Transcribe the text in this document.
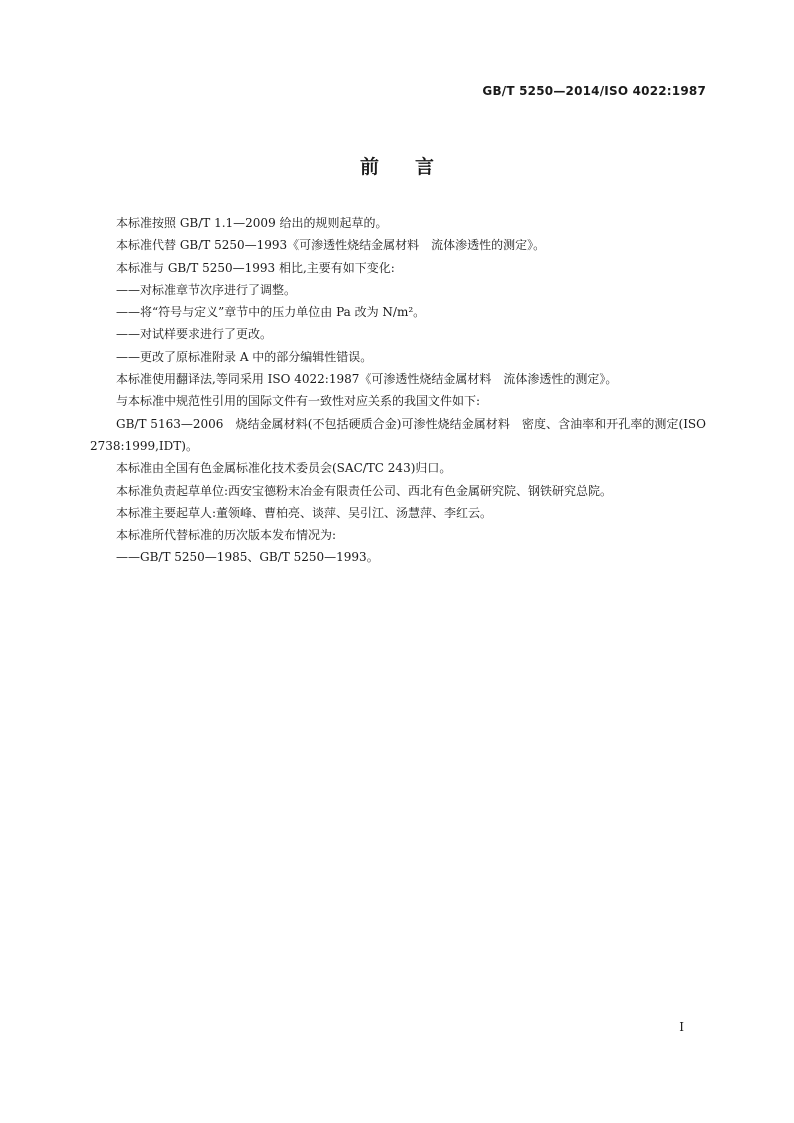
GB/T 5250—2014/ISO 4022:1987
前言

本标准按照 GB/T 1.1—2009 给出的规则起草的。

本标准代替 GB/T 5250—1993《可渗透性烧结金属材料　流体渗透性的测定》。

本标准与 GB/T 5250—1993 相比,主要有如下变化:

——对标准章节次序进行了调整。

——将“符号与定义”章节中的压力单位由 Pa 改为 N/m²。

——对试样要求进行了更改。

——更改了原标准附录 A 中的部分编辑性错误。

本标准使用翻译法,等同采用 ISO 4022:1987《可渗透性烧结金属材料　流体渗透性的测定》。

与本标准中规范性引用的国际文件有一致性对应关系的我国文件如下:

GB/T 5163—2006　烧结金属材料(不包括硬质合金)可渗性烧结金属材料　密度、含油率和开孔率的测定(ISO 2738:1999,IDT)。

本标准由全国有色金属标准化技术委员会(SAC/TC 243)归口。

本标准负责起草单位:西安宝德粉末冶金有限责任公司、西北有色金属研究院、钢铁研究总院。

本标准主要起草人:董领峰、曹柏亮、谈萍、吴引江、汤慧萍、李红云。

本标准所代替标准的历次版本发布情况为:

——GB/T 5250—1985、GB/T 5250—1993。

I
